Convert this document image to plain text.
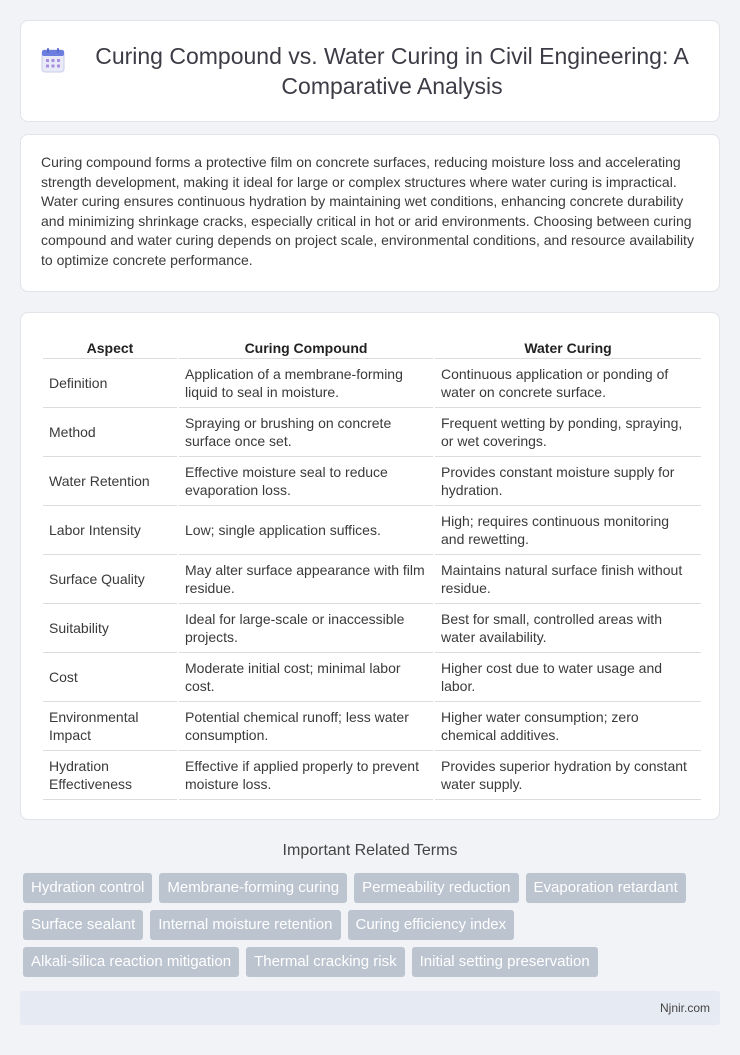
Curing Compound vs. Water Curing in Civil Engineering: A Comparative Analysis

Curing compound forms a protective film on concrete surfaces, reducing moisture loss and accelerating strength development, making it ideal for large or complex structures where water curing is impractical. Water curing ensures continuous hydration by maintaining wet conditions, enhancing concrete durability and minimizing shrinkage cracks, especially critical in hot or arid environments. Choosing between curing compound and water curing depends on project scale, environmental conditions, and resource availability to optimize concrete performance.

Aspect	Curing Compound	Water Curing
Definition	Application of a membrane-forming liquid to seal in moisture.	Continuous application or ponding of water on concrete surface.
Method	Spraying or brushing on concrete surface once set.	Frequent wetting by ponding, spraying, or wet coverings.
Water Retention	Effective moisture seal to reduce evaporation loss.	Provides constant moisture supply for hydration.
Labor Intensity	Low; single application suffices.	High; requires continuous monitoring and rewetting.
Surface Quality	May alter surface appearance with film residue.	Maintains natural surface finish without residue.
Suitability	Ideal for large-scale or inaccessible projects.	Best for small, controlled areas with water availability.
Cost	Moderate initial cost; minimal labor cost.	Higher cost due to water usage and labor.
Environmental Impact	Potential chemical runoff; less water consumption.	Higher water consumption; zero chemical additives.
Hydration Effectiveness	Effective if applied properly to prevent moisture loss.	Provides superior hydration by constant water supply.
Important Related Terms
Hydration control	Membrane-forming curing	Permeability reduction	Evaporation retardant
Surface sealant	Internal moisture retention	Curing efficiency index
Alkali-silica reaction mitigation	Thermal cracking risk	Initial setting preservation
Njnir.com
